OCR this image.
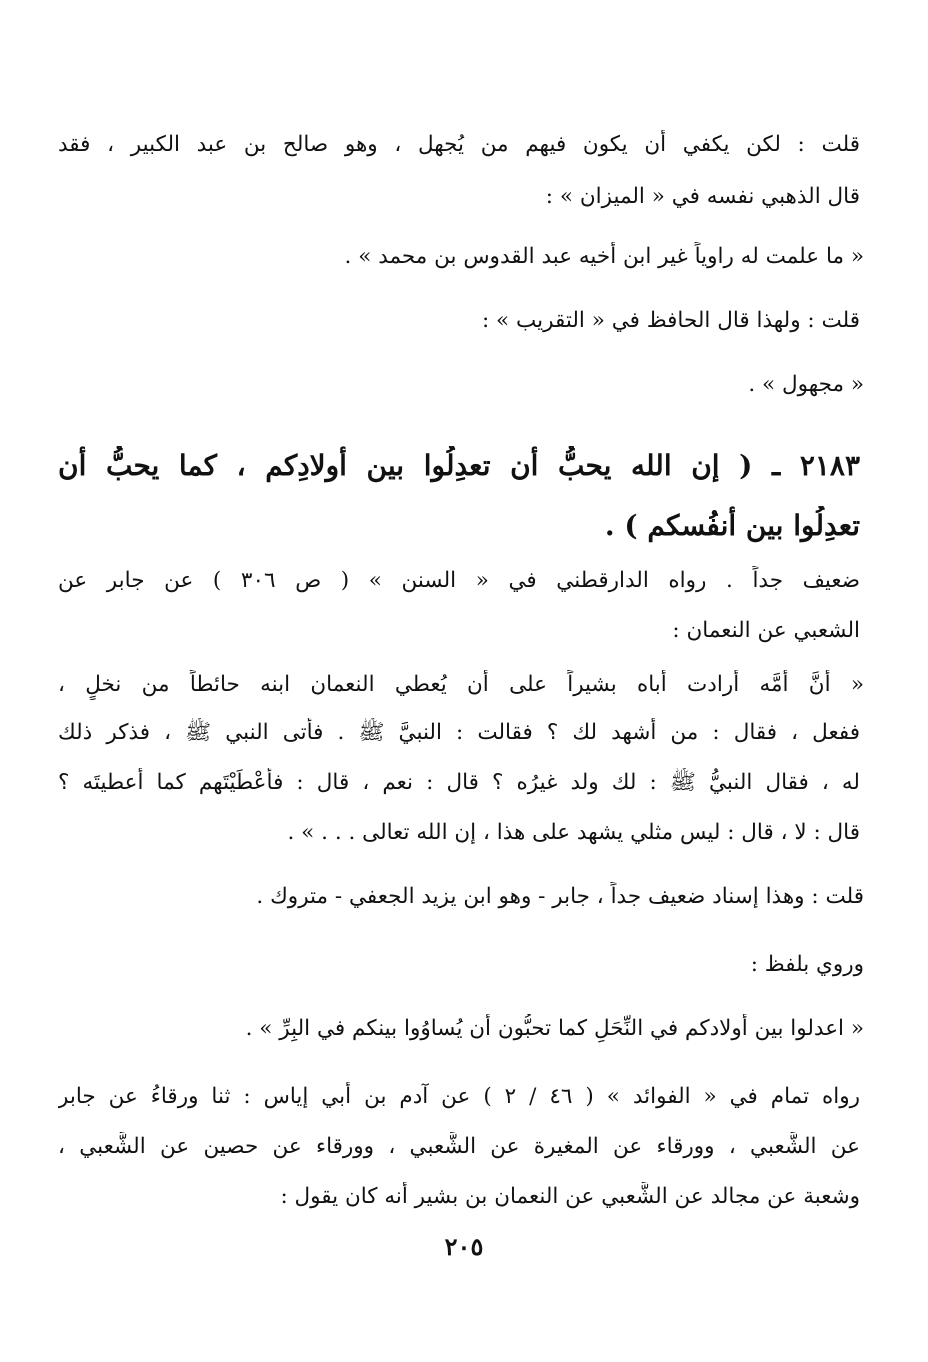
قلت : لكن يكفي أن يكون فيهم من يُجهل ، وهو صالح بن عبد الكبير ، فقد
قال الذهبي نفسه في « الميزان » :
« ما علمت له راوياً غير ابن أخيه عبد القدوس بن محمد » .
قلت : ولهذا قال الحافظ في « التقريب » :
« مجهول » .
٢١٨٣ ـ ( إن الله يحبُّ أن تعدِلُوا بين أولادِكم ، كما يحبُّ أن
تعدِلُوا بين أنفُسكم ) .
ضعيف جداً . رواه الدارقطني في « السنن » ( ص ٣٠٦ ) عن جابر عن
الشعبي عن النعمان :
« أنَّ أُمَّه أرادت أباه بشيراً على أن يُعطي النعمان ابنه حائطاً من نخلٍ ،
ففعل ، فقال : من أُشهد لك ؟ فقالت : النبيَّ ﷺ . فأتى النبي ﷺ ، فذكر ذلك
له ، فقال النبيُّ ﷺ : لك ولد غيرُه ؟ قال : نعم ، قال : فأَعْطَيْتَهم كما أعطيتَه ؟
قال : لا ، قال : ليس مثلي يشهد على هذا ، إن الله تعالى . . . » .
قلت : وهذا إسناد ضعيف جداً ، جابر - وهو ابن يزيد الجعفي - متروك .
وروي بلفظ :
« اعدلوا بين أولادكم في النِّحَلِ كما تحبُّون أن يُساوُوا بينكم في البِرِّ » .
رواه تمام في « الفوائد » ( ٤٦ / ٢ ) عن آدم بن أبي إياس : ثنا ورقاءُ عن جابر
عن الشَّعبي ، وورقاء عن المغيرة عن الشَّعبي ، وورقاء عن حصين عن الشَّعبي ،
وشعبة عن مجالد عن الشَّعبي عن النعمان بن بشير أنه كان يقول :
٢٠٥
